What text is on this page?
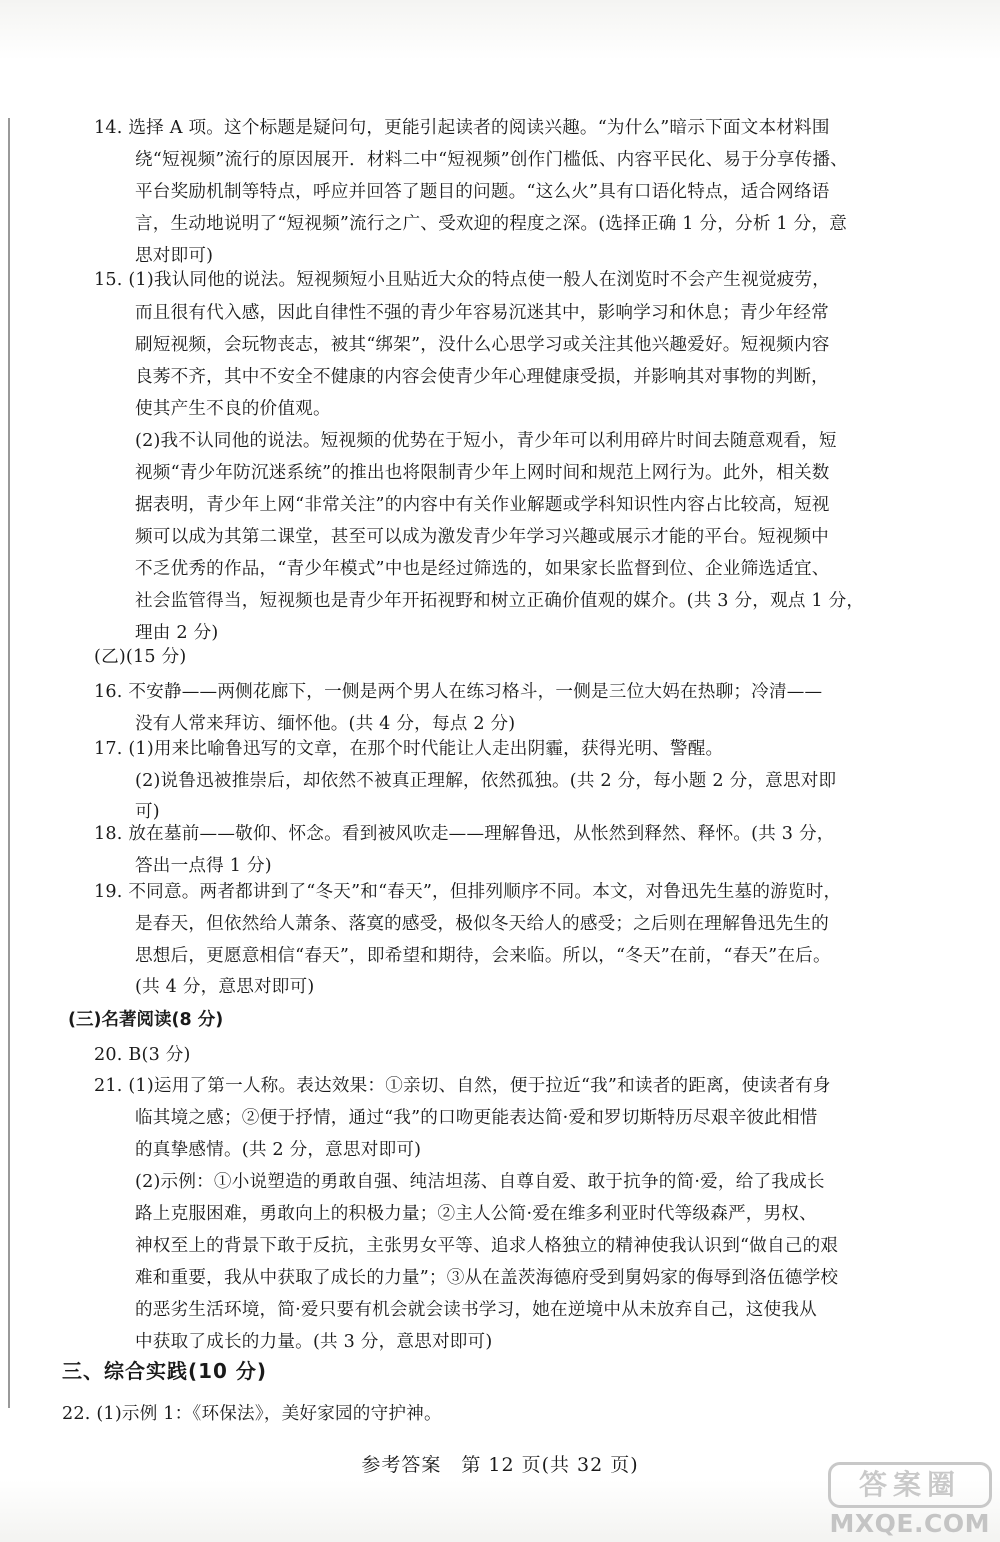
14. 选择 A 项。这个标题是疑问句，更能引起读者的阅读兴趣。“为什么”暗示下面文本材料围
绕“短视频”流行的原因展开．材料二中“短视频”创作门槛低、内容平民化、易于分享传播、
平台奖励机制等特点，呼应并回答了题目的问题。“这么火”具有口语化特点，适合网络语
言，生动地说明了“短视频”流行之广、受欢迎的程度之深。(选择正确 1 分，分析 1 分，意
思对即可)
15. (1)我认同他的说法。短视频短小且贴近大众的特点使一般人在浏览时不会产生视觉疲劳，
而且很有代入感，因此自律性不强的青少年容易沉迷其中，影响学习和休息；青少年经常
刷短视频，会玩物丧志，被其“绑架”，没什么心思学习或关注其他兴趣爱好。短视频内容
良莠不齐，其中不安全不健康的内容会使青少年心理健康受损，并影响其对事物的判断，
使其产生不良的价值观。
(2)我不认同他的说法。短视频的优势在于短小，青少年可以利用碎片时间去随意观看，短
视频“青少年防沉迷系统”的推出也将限制青少年上网时间和规范上网行为。此外，相关数
据表明，青少年上网“非常关注”的内容中有关作业解题或学科知识性内容占比较高，短视
频可以成为其第二课堂，甚至可以成为激发青少年学习兴趣或展示才能的平台。短视频中
不乏优秀的作品，“青少年模式”中也是经过筛选的，如果家长监督到位、企业筛选适宜、
社会监管得当，短视频也是青少年开拓视野和树立正确价值观的媒介。(共 3 分，观点 1 分，
理由 2 分)
(乙)(15 分)
16. 不安静——两侧花廊下，一侧是两个男人在练习格斗，一侧是三位大妈在热聊；冷清——
没有人常来拜访、缅怀他。(共 4 分，每点 2 分)
17. (1)用来比喻鲁迅写的文章，在那个时代能让人走出阴霾，获得光明、警醒。
(2)说鲁迅被推崇后，却依然不被真正理解，依然孤独。(共 2 分，每小题 2 分，意思对即
可)
18. 放在墓前——敬仰、怀念。看到被风吹走——理解鲁迅，从怅然到释然、释怀。(共 3 分，
答出一点得 1 分)
19. 不同意。两者都讲到了“冬天”和“春天”，但排列顺序不同。本文，对鲁迅先生墓的游览时，
是春天，但依然给人萧条、落寞的感受，极似冬天给人的感受；之后则在理解鲁迅先生的
思想后，更愿意相信“春天”，即希望和期待，会来临。所以，“冬天”在前，“春天”在后。
(共 4 分，意思对即可)
(三)名著阅读(8 分)
20. B(3 分)
21. (1)运用了第一人称。表达效果：①亲切、自然，便于拉近“我”和读者的距离，使读者有身
临其境之感；②便于抒情，通过“我”的口吻更能表达简·爱和罗切斯特历尽艰辛彼此相惜
的真挚感情。(共 2 分，意思对即可)
(2)示例：①小说塑造的勇敢自强、纯洁坦荡、自尊自爱、敢于抗争的简·爱，给了我成长
路上克服困难，勇敢向上的积极力量；②主人公简·爱在维多利亚时代等级森严，男权、
神权至上的背景下敢于反抗，主张男女平等、追求人格独立的精神使我认识到“做自己的艰
难和重要，我从中获取了成长的力量”；③从在盖茨海德府受到舅妈家的侮辱到洛伍德学校
的恶劣生活环境，简·爱只要有机会就会读书学习，她在逆境中从未放弃自己，这使我从
中获取了成长的力量。(共 3 分，意思对即可)
三、综合实践(10 分)
22. (1)示例 1：《环保法》，美好家园的守护神。
参考答案　第 12 页(共 32 页)
答案圈
MXQE.COM
